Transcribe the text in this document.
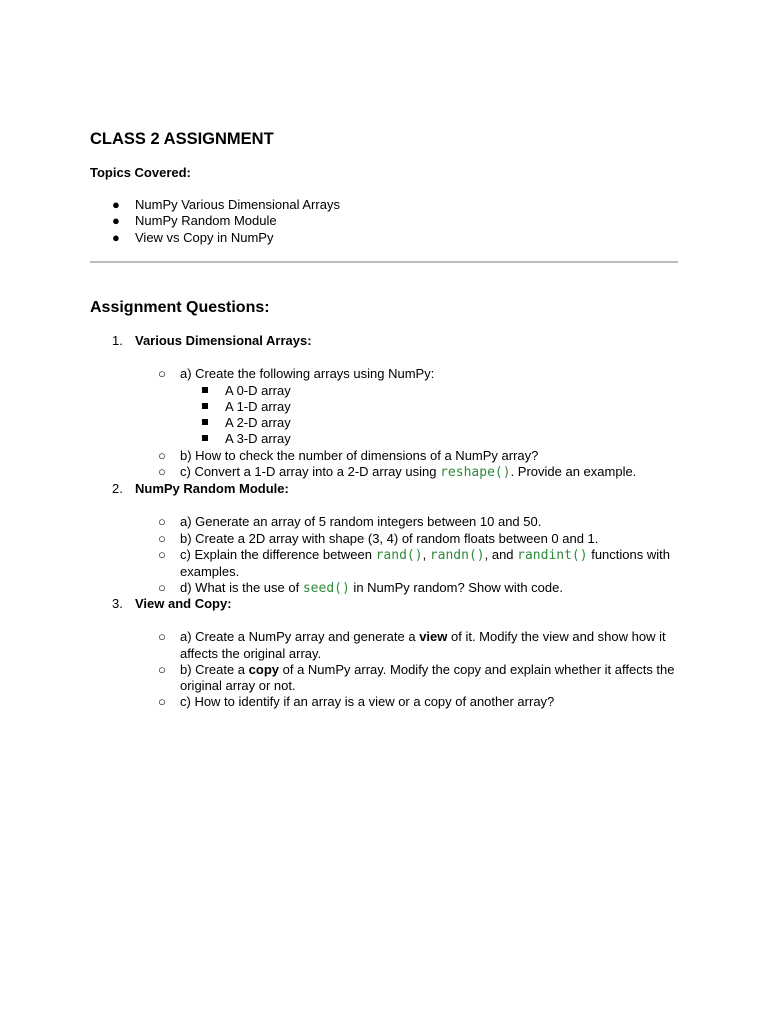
CLASS 2 ASSIGNMENT
Topics Covered:
● NumPy Various Dimensional Arrays
● NumPy Random Module
● View vs Copy in NumPy
Assignment Questions:
1. Various Dimensional Arrays:
○ a) Create the following arrays using NumPy:
A 0-D array
A 1-D array
A 2-D array
A 3-D array
○ b) How to check the number of dimensions of a NumPy array?
○ c) Convert a 1-D array into a 2-D array using reshape(). Provide an example.
2. NumPy Random Module:
○ a) Generate an array of 5 random integers between 10 and 50.
○ b) Create a 2D array with shape (3, 4) of random floats between 0 and 1.
○ c) Explain the difference between rand(), randn(), and randint() functions with examples.
○ d) What is the use of seed() in NumPy random? Show with code.
3. View and Copy:
○ a) Create a NumPy array and generate a view of it. Modify the view and show how it affects the original array.
○ b) Create a copy of a NumPy array. Modify the copy and explain whether it affects the original array or not.
○ c) How to identify if an array is a view or a copy of another array?
